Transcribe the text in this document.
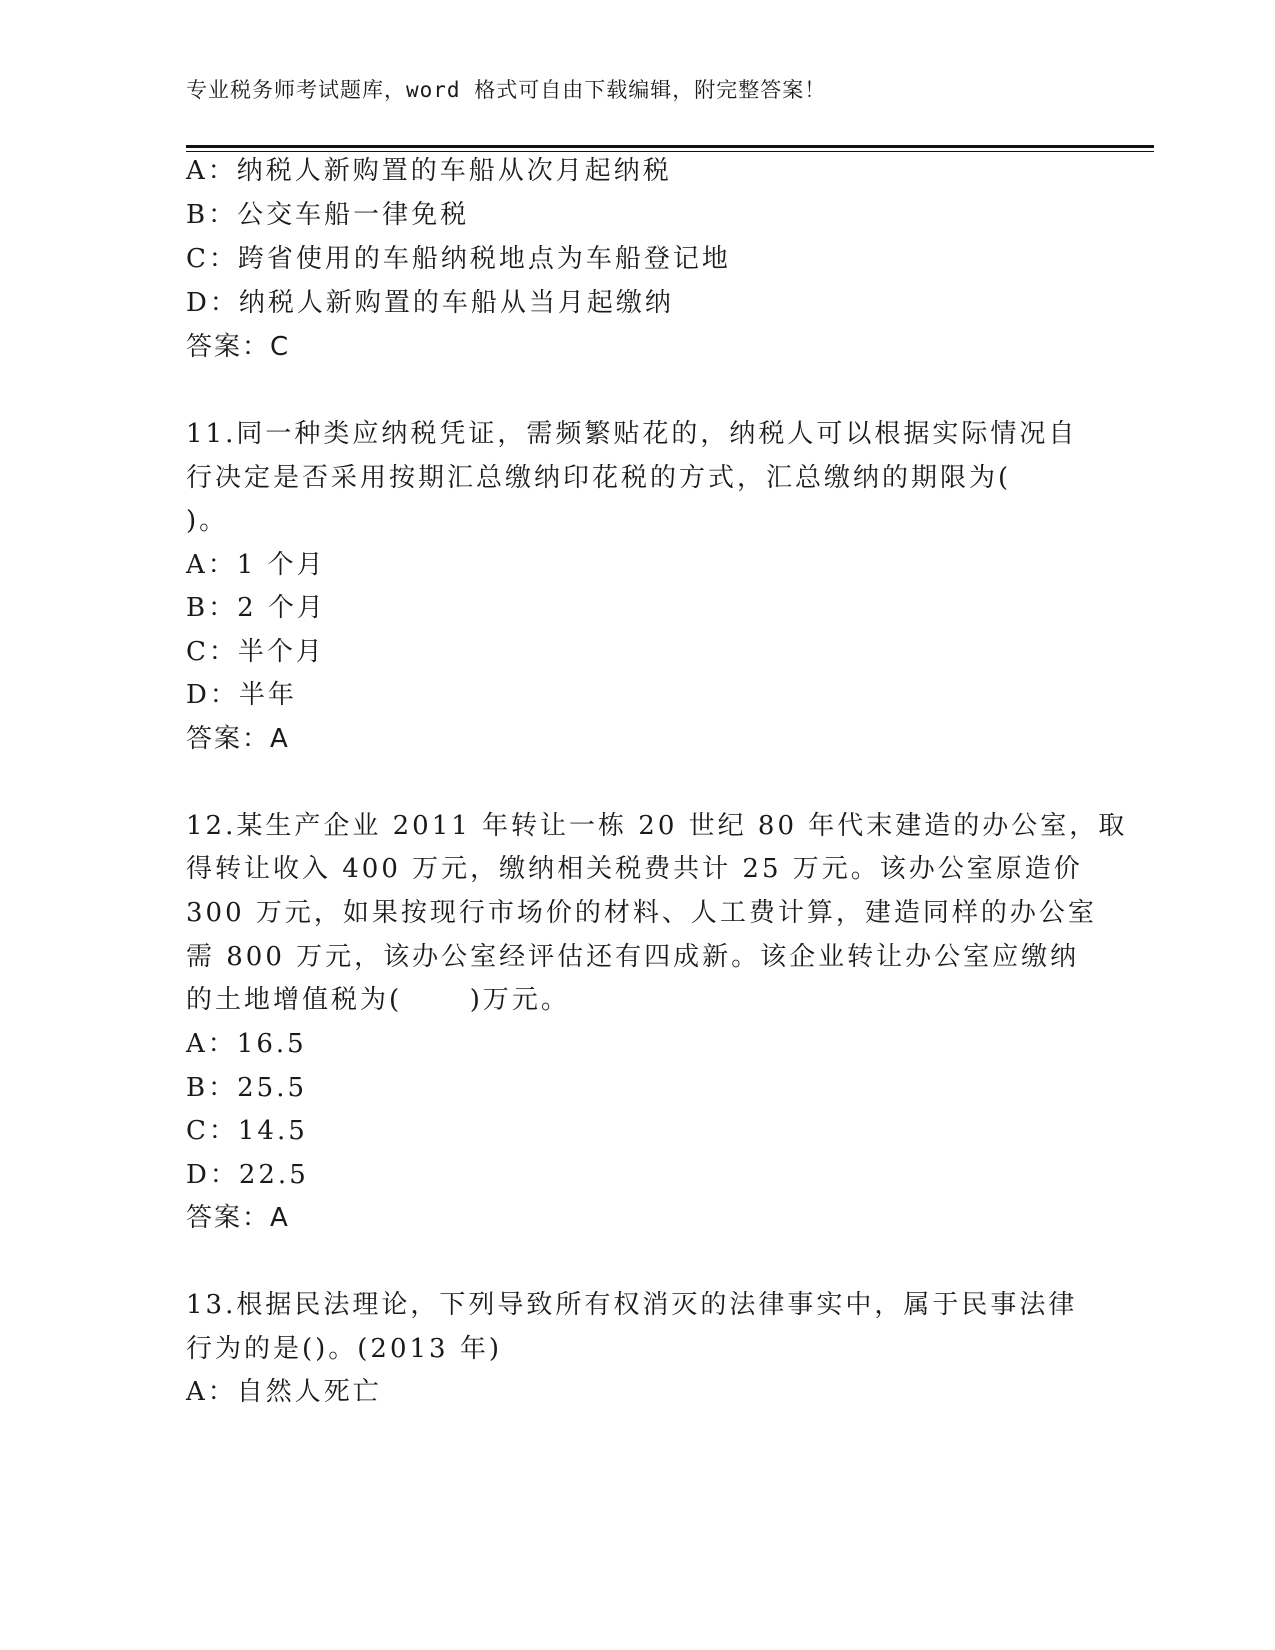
专业税务师考试题库，word 格式可自由下载编辑，附完整答案！
A：纳税人新购置的车船从次月起纳税
B：公交车船一律免税
C：跨省使用的车船纳税地点为车船登记地
D：纳税人新购置的车船从当月起缴纳
答案：C
11.同一种类应纳税凭证，需频繁贴花的，纳税人可以根据实际情况自
行决定是否采用按期汇总缴纳印花税的方式，汇总缴纳的期限为(
)。
A：1 个月
B：2 个月
C：半个月
D：半年
答案：A
12.某生产企业 2011 年转让一栋 20 世纪 80 年代末建造的办公室，取
得转让收入 400 万元，缴纳相关税费共计 25 万元。该办公室原造价
300 万元，如果按现行市场价的材料、人工费计算，建造同样的办公室
需 800 万元，该办公室经评估还有四成新。该企业转让办公室应缴纳
的土地增值税为(      )万元。
A：16.5
B：25.5
C：14.5
D：22.5
答案：A
13.根据民法理论，下列导致所有权消灭的法律事实中，属于民事法律
行为的是()。(2013 年)
A：自然人死亡
